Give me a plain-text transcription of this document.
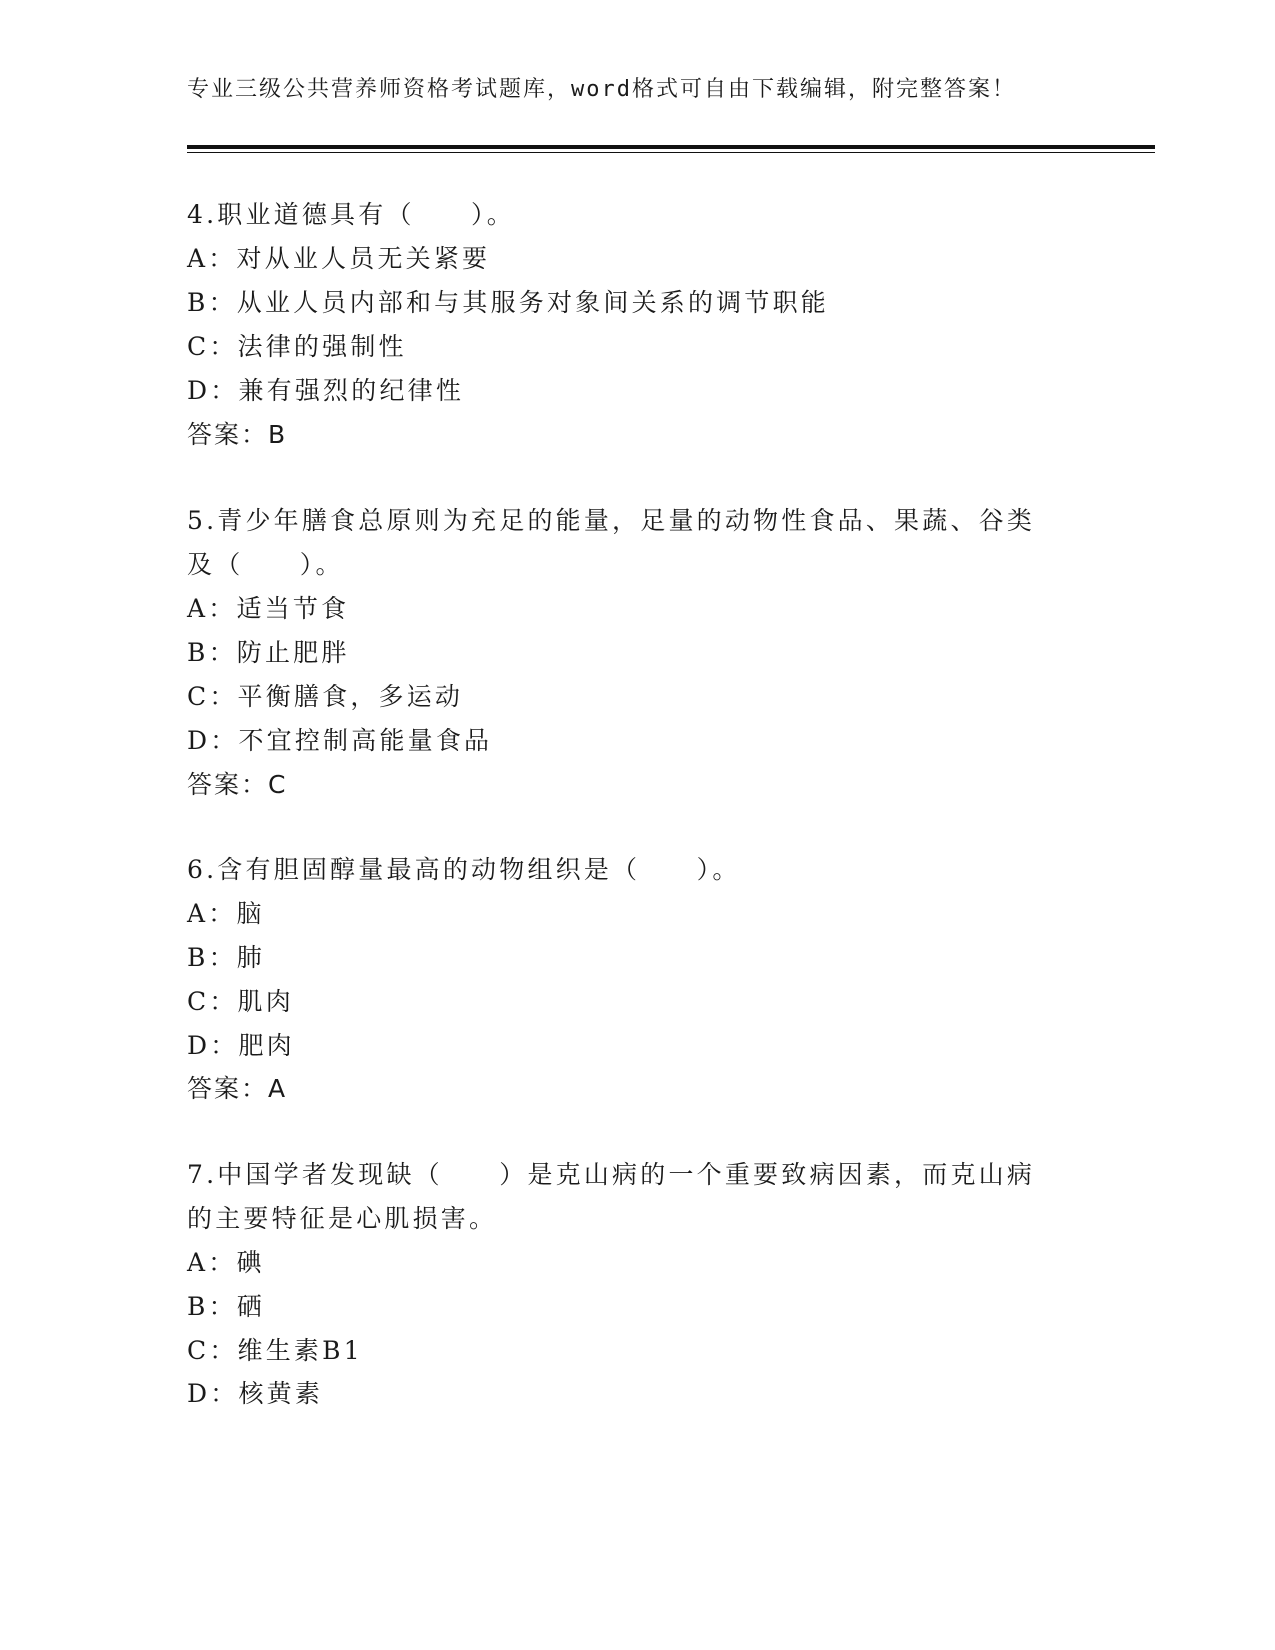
专业三级公共营养师资格考试题库，word格式可自由下载编辑，附完整答案！
4.职业道德具有（　　）。
A：对从业人员无关紧要
B：从业人员内部和与其服务对象间关系的调节职能
C：法律的强制性
D：兼有强烈的纪律性
答案：B
5.青少年膳食总原则为充足的能量，足量的动物性食品、果蔬、谷类
及（　　）。
A：适当节食
B：防止肥胖
C：平衡膳食，多运动
D：不宜控制高能量食品
答案：C
6.含有胆固醇量最高的动物组织是（　　）。
A：脑
B：肺
C：肌肉
D：肥肉
答案：A
7.中国学者发现缺（　　）是克山病的一个重要致病因素，而克山病
的主要特征是心肌损害。
A：碘
B：硒
C：维生素B1
D：核黄素
